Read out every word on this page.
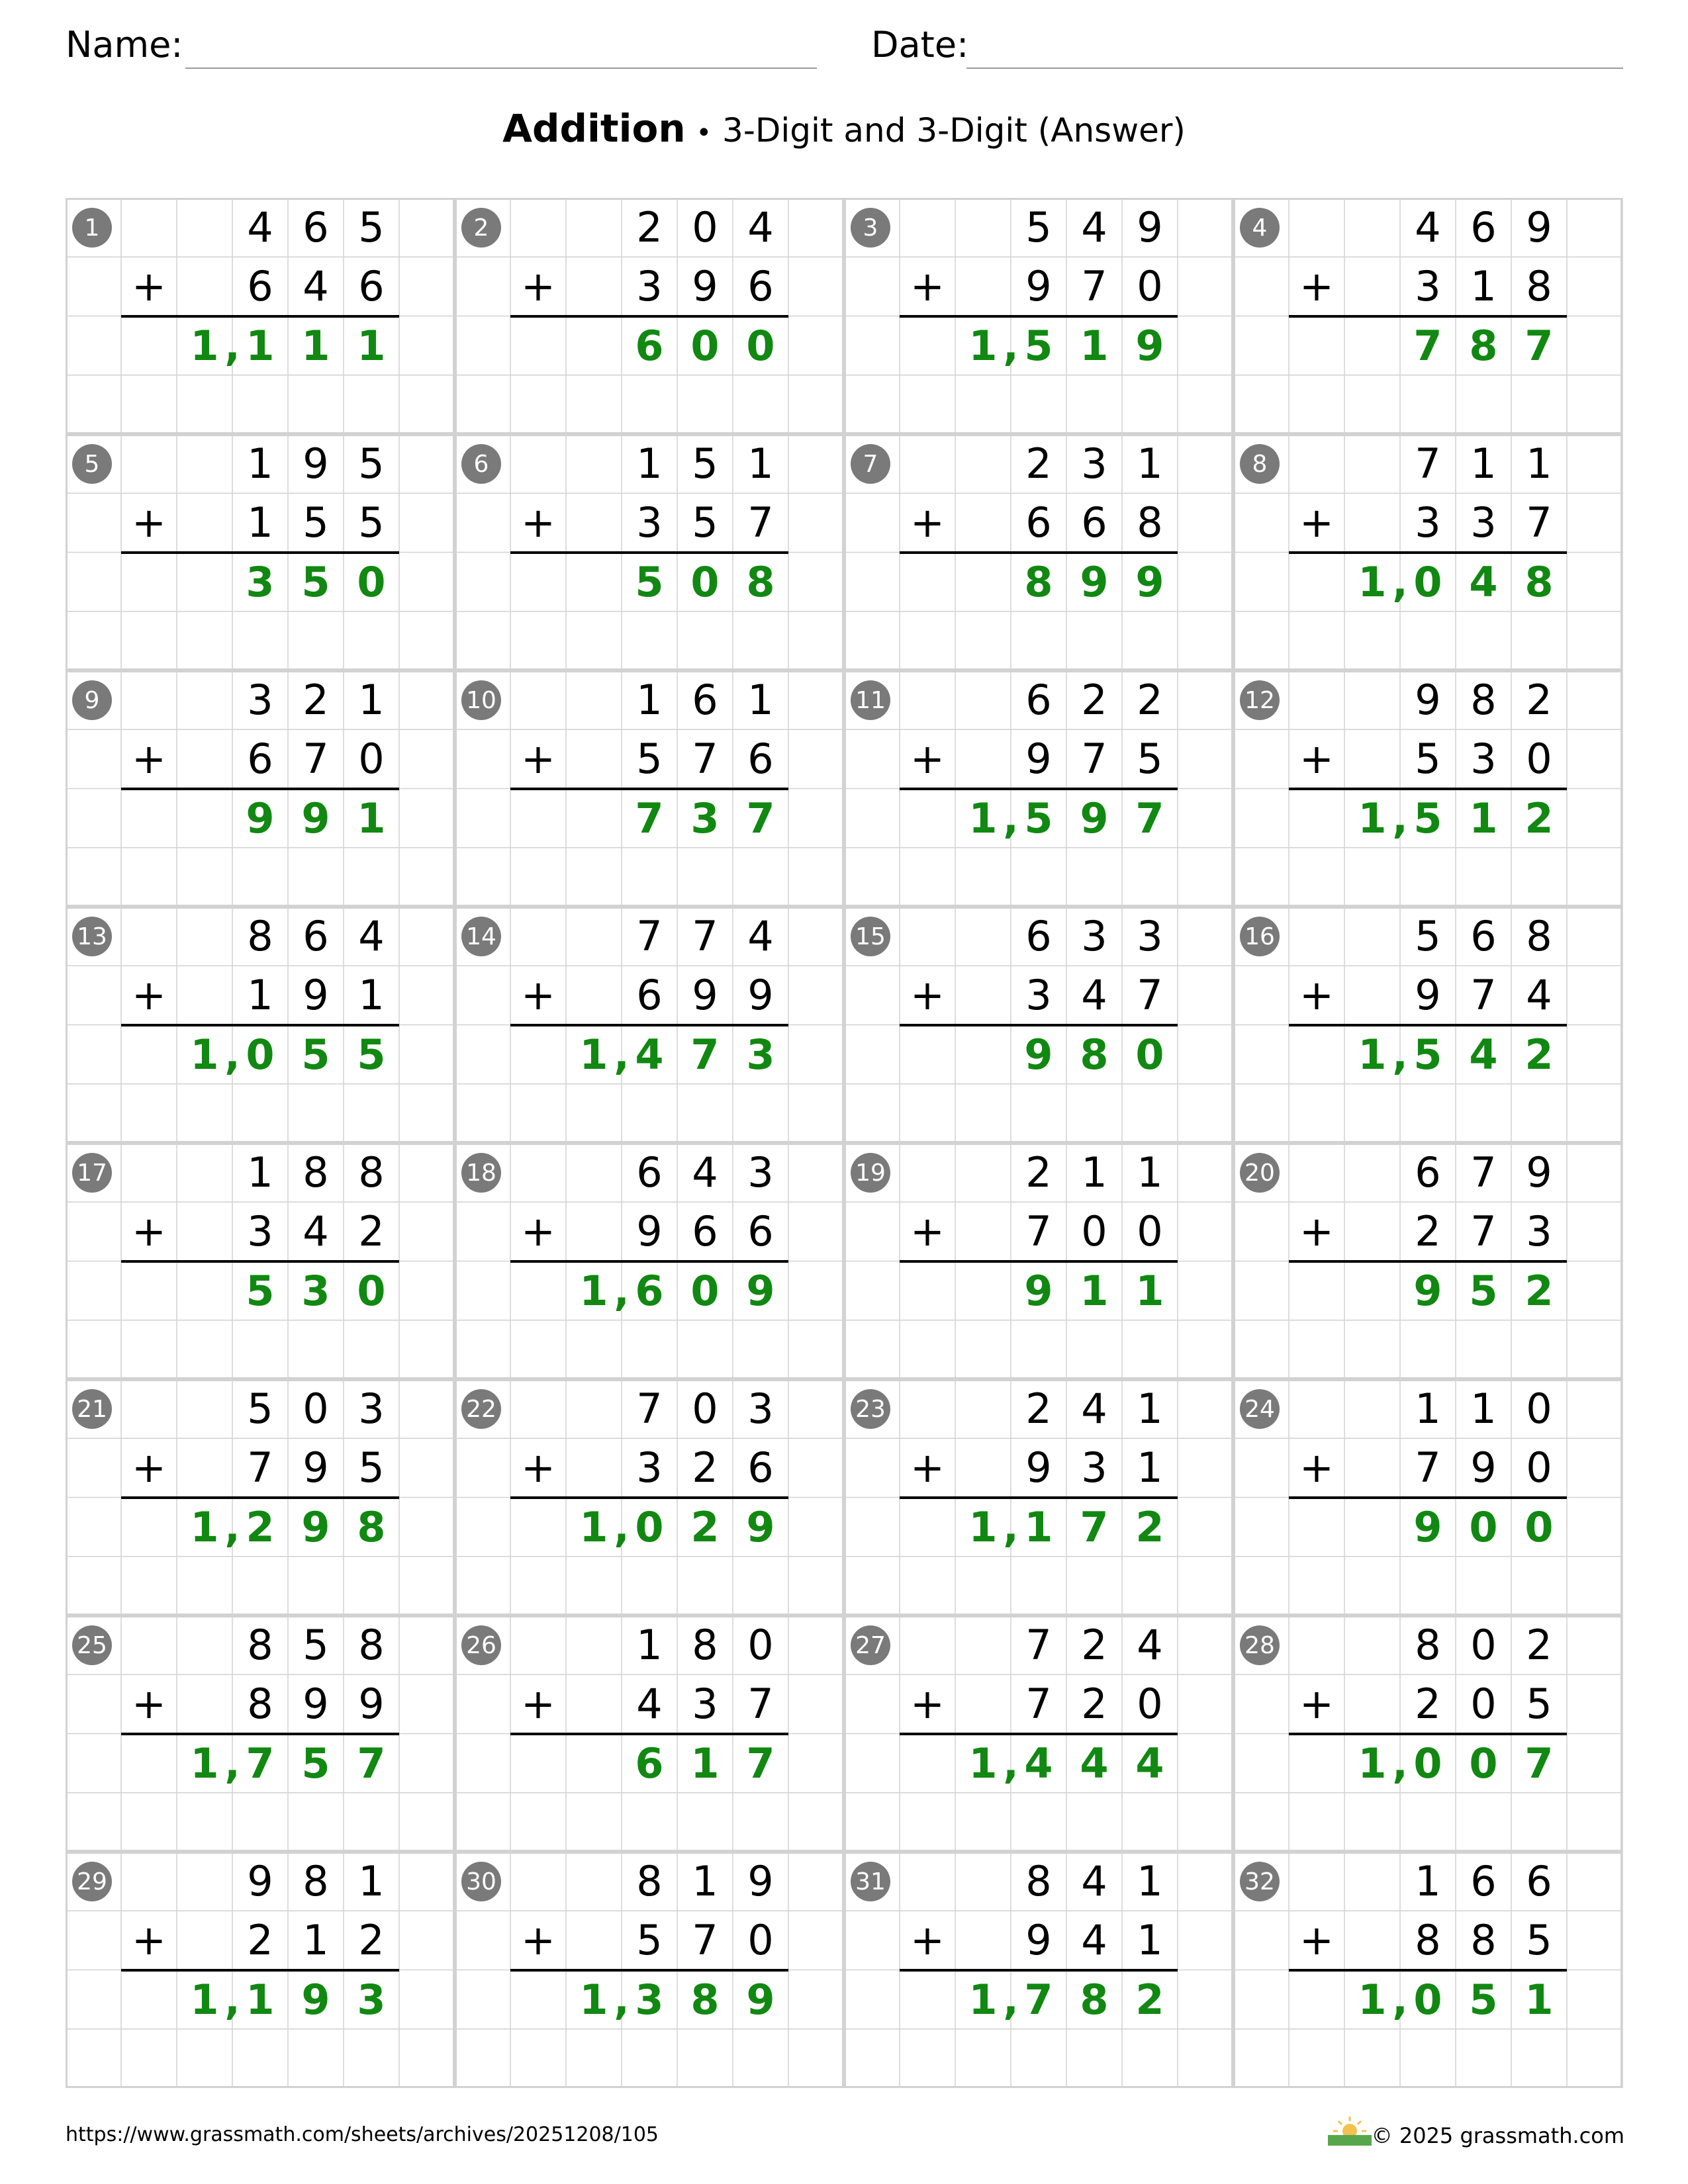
Name:	Date:
Addition • 3-Digit and 3-Digit (Answer)
1	4 6 5
+	6 4 6
1 1 1 1
,
2	2 0 4
+	3 9 6
6 0 0
3	5 4 9
+	9 7 0
1 5 1 9
,
4	4 6 9
+	3 1 8
7 8 7
5	1 9 5
+	1 5 5
3 5 0
6	1 5 1
+	3 5 7
5 0 8
7	2 3 1
+	6 6 8
8 9 9
8	7 1 1
+	3 3 7
1 0 4 8
,
9	3 2 1
+	6 7 0
9 9 1
10	1 6 1
+	5 7 6
7 3 7
11	6 2 2
+	9 7 5
1 5 9 7
,
12	9 8 2
+	5 3 0
1 5 1 2
,
13	8 6 4
+	1 9 1
1 0 5 5
,
14	7 7 4
+	6 9 9
1 4 7 3
,
15	6 3 3
+	3 4 7
9 8 0
16	5 6 8
+	9 7 4
1 5 4 2
,
17	1 8 8
+	3 4 2
5 3 0
18	6 4 3
+	9 6 6
1 6 0 9
,
19	2 1 1
+	7 0 0
9 1 1
20	6 7 9
+	2 7 3
9 5 2
21	5 0 3
+	7 9 5
1 2 9 8
,
22	7 0 3
+	3 2 6
1 0 2 9
,
23	2 4 1
+	9 3 1
1 1 7 2
,
24	1 1 0
+	7 9 0
9 0 0
25	8 5 8
+	8 9 9
1 7 5 7
,
26	1 8 0
+	4 3 7
6 1 7
27	7 2 4
+	7 2 0
1 4 4 4
,
28	8 0 2
+	2 0 5
1 0 0 7
,
29	9 8 1
+	2 1 2
1 1 9 3
,
30	8 1 9
+	5 7 0
1 3 8 9
,
31	8 4 1
+	9 4 1
1 7 8 2
,
32	1 6 6
+	8 8 5
1 0 5 1
,
https://www.grassmath.com/sheets/archives/20251208/105	© 2025 grassmath.com
